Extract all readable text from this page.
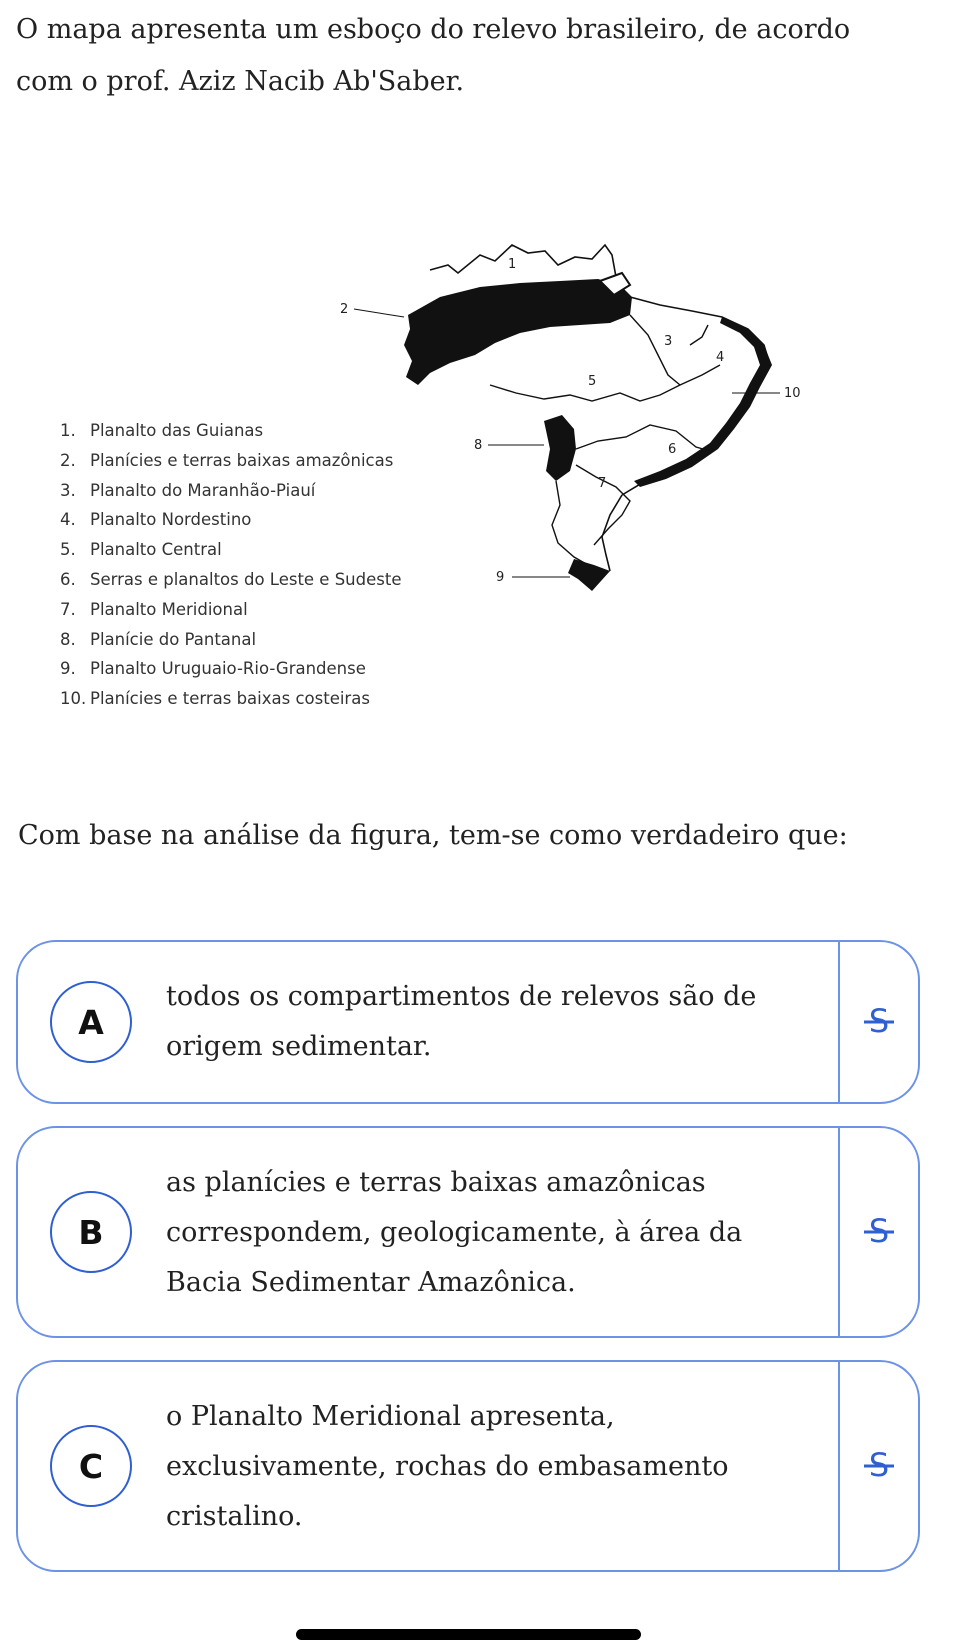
O mapa apresenta um esboço do relevo brasileiro, de acordo
com o prof. Aziz Nacib Ab'Saber.
1
2
3
4
5
6
7
8
9
10
1. Planalto das Guianas
2. Planícies e terras baixas amazônicas
3. Planalto do Maranhão-Piauí
4. Planalto Nordestino
5. Planalto Central
6. Serras e planaltos do Leste e Sudeste
7. Planalto Meridional
8. Planície do Pantanal
9. Planalto Uruguaio-Rio-Grandense
10. Planícies e terras baixas costeiras
Com base na análise da figura, tem-se como verdadeiro que:
A
todos os compartimentos de relevos são de
origem sedimentar.
S
B
as planícies e terras baixas amazônicas
correspondem, geologicamente, à área da
Bacia Sedimentar Amazônica.
S
C
o Planalto Meridional apresenta,
exclusivamente, rochas do embasamento
cristalino.
S
